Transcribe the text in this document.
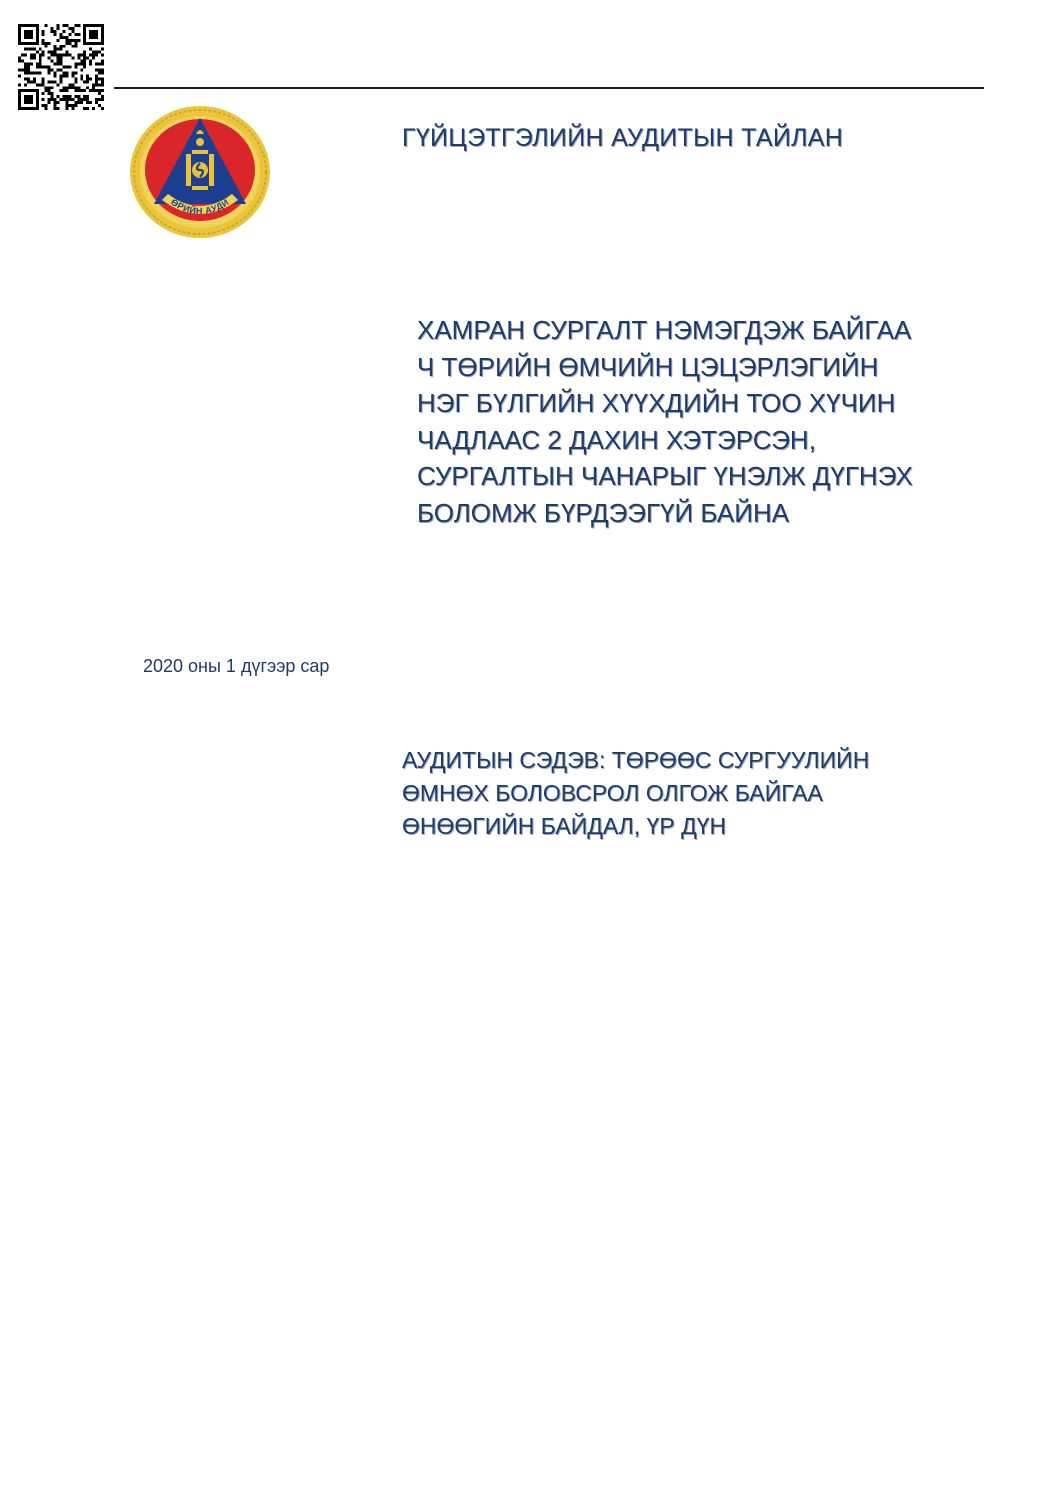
ӨРИЙН АУДИ
ГҮЙЦЭТГЭЛИЙН АУДИТЫН ТАЙЛАН
ХАМРАН СУРГАЛТ НЭМЭГДЭЖ БАЙГАА
Ч ТӨРИЙН ӨМЧИЙН ЦЭЦЭРЛЭГИЙН
НЭГ БҮЛГИЙН ХҮҮХДИЙН ТОО ХҮЧИН
ЧАДЛААС 2 ДАХИН ХЭТЭРСЭН,
СУРГАЛТЫН ЧАНАРЫГ ҮНЭЛЖ ДҮГНЭХ
БОЛОМЖ БҮРДЭЭГҮЙ БАЙНА
2020 оны 1 дүгээр сар
АУДИТЫН СЭДЭВ: ТӨРӨӨС СУРГУУЛИЙН
ӨМНӨХ БОЛОВСРОЛ ОЛГОЖ БАЙГАА
ӨНӨӨГИЙН БАЙДАЛ, ҮР ДҮН
